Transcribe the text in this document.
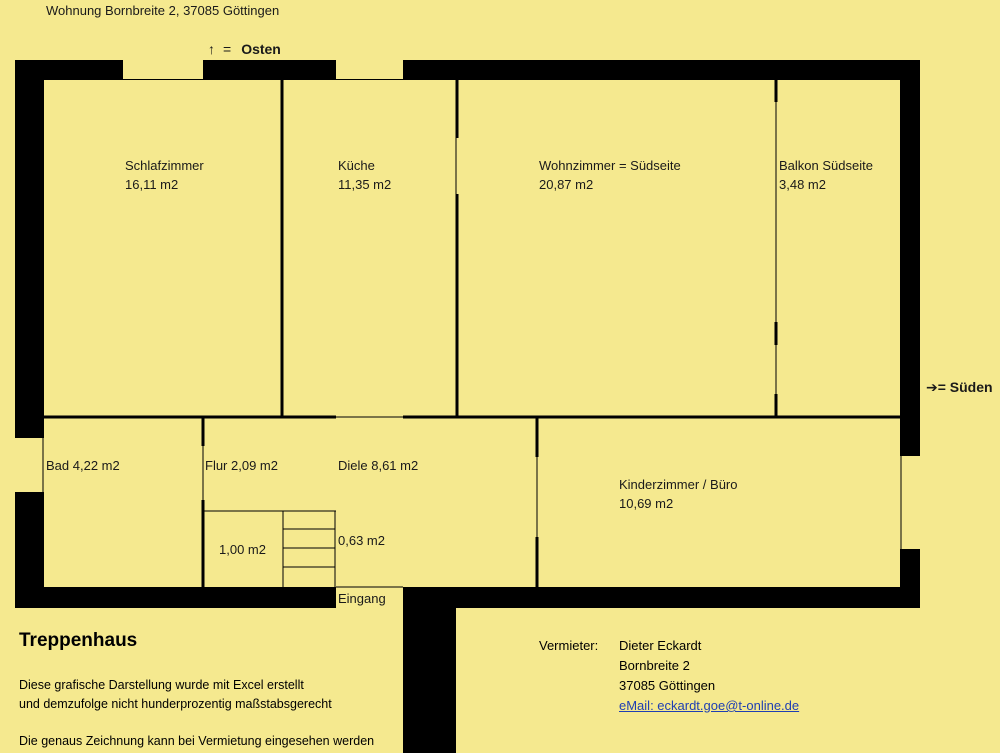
Wohnung Bornbreite 2, 37085 Göttingen
↑ = Osten
➔= Süden
Schlafzimmer
16,11 m2
Küche
11,35 m2
Wohnzimmer = Südseite
20,87 m2
Balkon Südseite
3,48 m2
Bad 4,22 m2	Flur 2,09 m2	Diele 8,61 m2
Kinderzimmer / Büro
10,69 m2
1,00 m2
0,63 m2
Eingang
Treppenhaus
Diese grafische Darstellung wurde mit Excel erstellt
und demzufolge nicht hunderprozentig maßstabsgerecht
Die genaus Zeichnung kann bei Vermietung eingesehen werden
Vermieter: Dieter Eckardt
Bornbreite 2
37085 Göttingen
eMail: eckardt.goe@t-online.de
